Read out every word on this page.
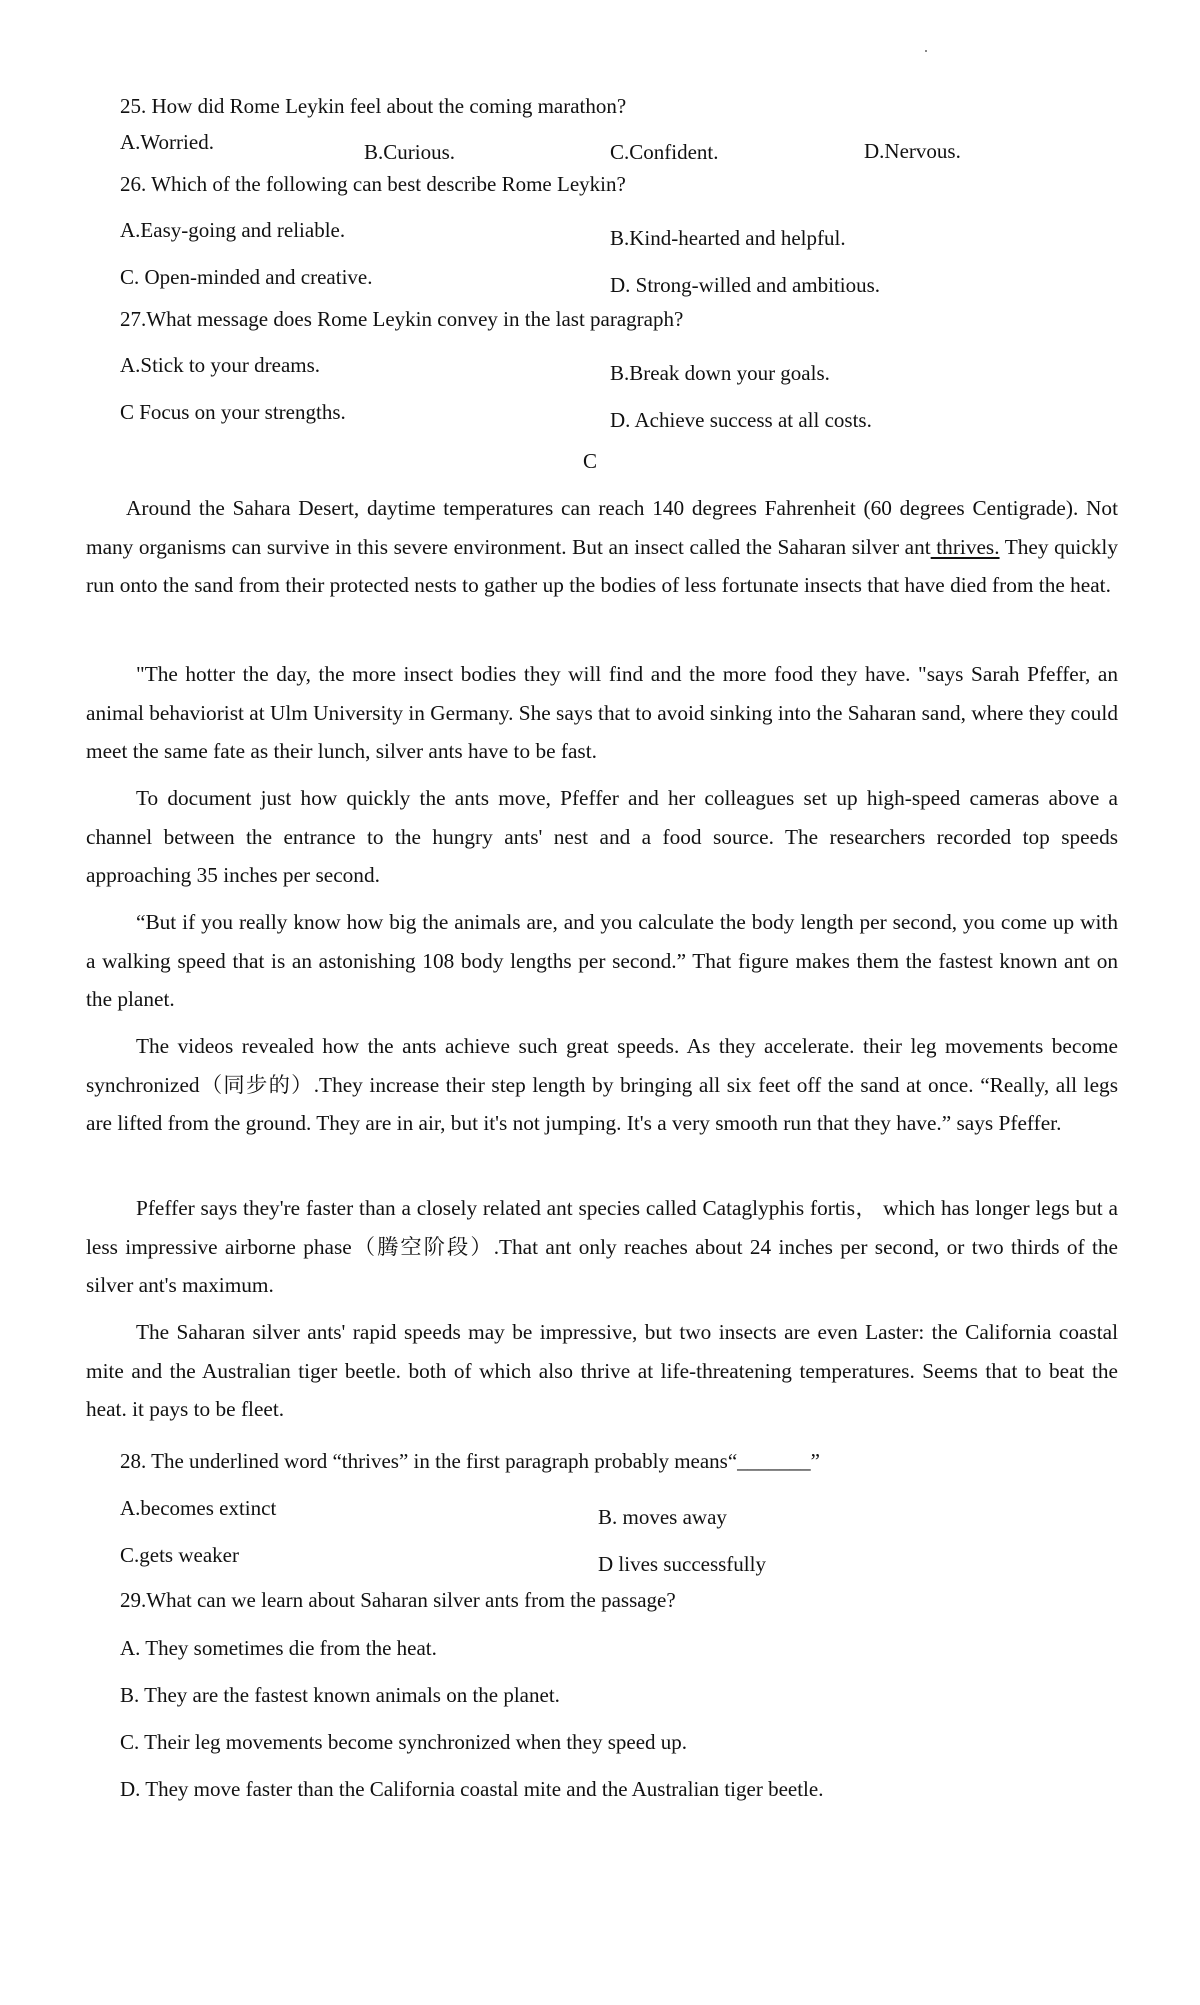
25. How did Rome Leykin feel about the coming marathon?
A.Worried.	B.Curious.	C.Confident.	D.Nervous.
26. Which of the following can best describe Rome Leykin?
A.Easy-going and reliable.	B.Kind-hearted and helpful.
C. Open-minded and creative.	D. Strong-willed and ambitious.
27.What message does Rome Leykin convey in the last paragraph?
A.Stick to your dreams.	B.Break down your goals.
C Focus on your strengths.	D. Achieve success at all costs.
C
Around the Sahara Desert, daytime temperatures can reach 140 degrees Fahrenheit (60 degrees Centigrade). Not many organisms can survive in this severe environment. But an insect called the Saharan silver ant thrives. They quickly run onto the sand from their protected nests to gather up the bodies of less fortunate insects that have died from the heat.
"The hotter the day, the more insect bodies they will find and the more food they have. "says Sarah Pfeffer, an animal behaviorist at Ulm University in Germany. She says that to avoid sinking into the Saharan sand, where they could meet the same fate as their lunch, silver ants have to be fast.
To document just how quickly the ants move, Pfeffer and her colleagues set up high-speed cameras above a channel between the entrance to the hungry ants' nest and a food source. The researchers recorded top speeds approaching 35 inches per second.
“But if you really know how big the animals are, and you calculate the body length per second, you come up with a walking speed that is an astonishing 108 body lengths per second.” That figure makes them the fastest known ant on the planet.
The videos revealed how the ants achieve such great speeds. As they accelerate. their leg movements become synchronized（同步的）.They increase their step length by bringing all six feet off the sand at once. “Really, all legs are lifted from the ground. They are in air, but it's not jumping. It's a very smooth run that they have.” says Pfeffer.
Pfeffer says they're faster than a closely related ant species called Cataglyphis fortis， which has longer legs but a less impressive airborne phase（腾空阶段）.That ant only reaches about 24 inches per second, or two thirds of the silver ant's maximum.
The Saharan silver ants' rapid speeds may be impressive, but two insects are even Laster: the California coastal mite and the Australian tiger beetle. both of which also thrive at life-threatening temperatures. Seems that to beat the heat. it pays to be fleet.
28. The underlined word “thrives” in the first paragraph probably means“_______”
A.becomes extinct	B. moves away
C.gets weaker	D lives successfully
29.What can we learn about Saharan silver ants from the passage?
A. They sometimes die from the heat.
B. They are the fastest known animals on the planet.
C. Their leg movements become synchronized when they speed up.
D. They move faster than the California coastal mite and the Australian tiger beetle.
